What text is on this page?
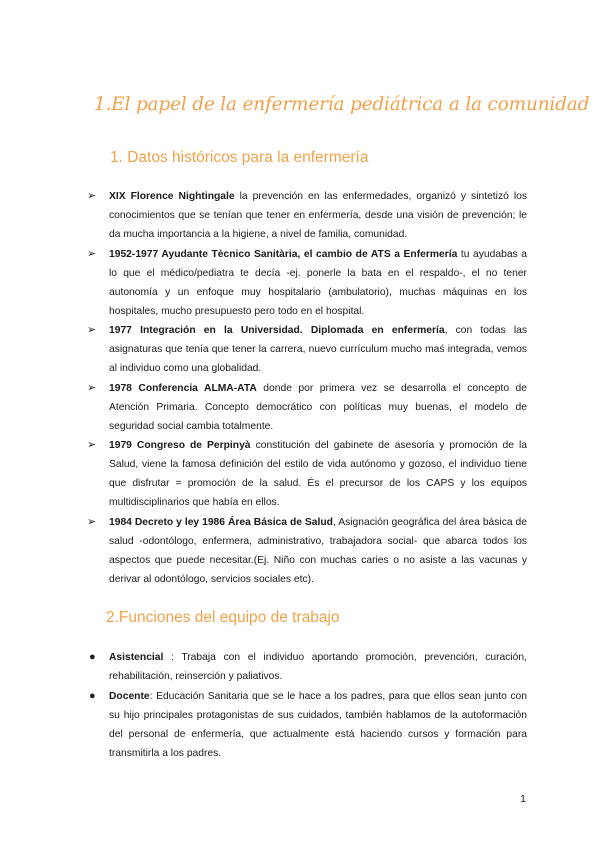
1.El papel de la enfermería pediátrica a la comunidad
1. Datos históricos para la enfermería
➢ XIX Florence Nightingale la prevención en las enfermedades, organizó y sintetizó los conocimientos que se tenían que tener en enfermería, desde una visión de prevención; le da mucha importancia a la higiene, a nivel de familia, comunidad.
➢ 1952-1977 Ayudante Tècnico Sanitària, el cambio de ATS a Enfermería tu ayudabas a lo que el médico/pediatra te decía -ej. ponerle la bata en el respaldo-, el no tener autonomía y un enfoque muy hospitalario (ambulatorio), muchas máquinas en los hospitales, mucho presupuesto pero todo en el hospital.
➢ 1977 Integración en la Universidad. Diplomada en enfermería, con todas las asignaturas que tenía que tener la carrera, nuevo currículum mucho maś integrada, vemos al individuo como una globalidad.
➢ 1978 Conferencia ALMA-ATA donde por primera vez se desarrolla el concepto de Atención Primaria. Concepto democrático con políticas muy buenas, el modelo de seguridad social cambia totalmente.
➢ 1979 Congreso de Perpinyà constitución del gabinete de asesoría y promoción de la Salud, viene la famosa definición del estilo de vida autónomo y gozoso, el individuo tiene que disfrutar = promoción de la salud. És el precursor de los CAPS y los equipos multidisciplinarios que había en ellos.
➢ 1984 Decreto y ley 1986 Área Básica de Salud, Asignación geográfica del área básica de salud -odontólogo, enfermera, administrativo, trabajadora social- que abarca todos los aspectos que puede necesitar.(Ej. Niño con muchas caries o no asiste a las vacunas y derivar al odontólogo, servicios sociales etc).
2.Funciones del equipo de trabajo
● Asistencial : Trabaja con el individuo aportando promoción, prevención, curación, rehabilitación, reinserción y paliativos.
● Docente: Educación Sanitaria que se le hace a los padres, para que ellos sean junto con su hijo principales protagonistas de sus cuidados, también hablamos de la autoformación del personal de enfermería, que actualmente está haciendo cursos y formación para transmitirla a los padres.
1
